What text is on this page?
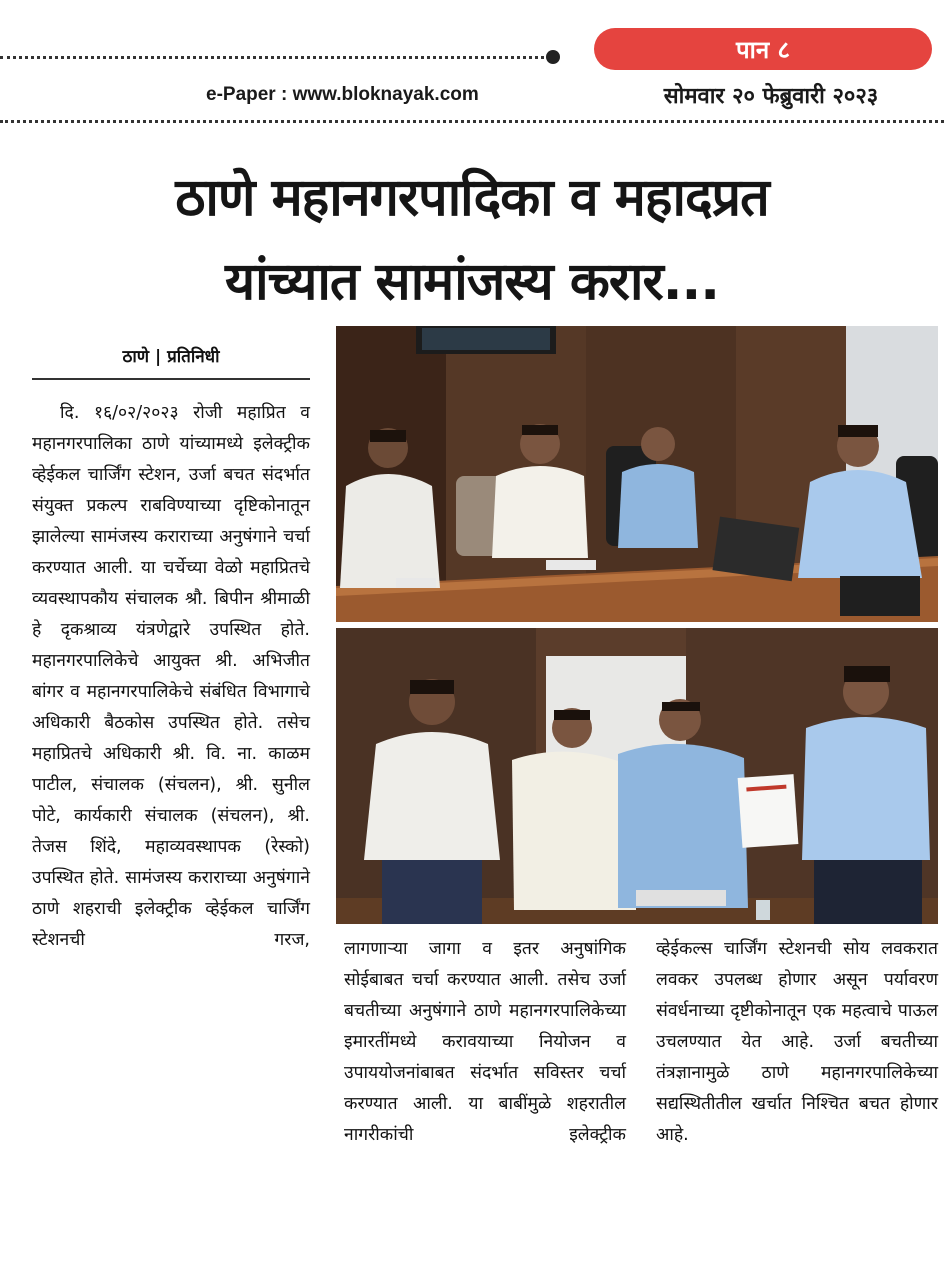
पान ८
e-Paper : www.bloknayak.com	सोमवार २० फेब्रुवारी २०२३
ठाणे महानगरपादिका व महादप्रत
यांच्यात सामांजस्य करार...
ठाणे | प्रतिनिधी
दि. १६/०२/२०२३ रोजी महाप्रित व महानगरपालिका ठाणे यांच्यामध्ये इलेक्ट्रीक व्हेईकल चार्जिंग स्टेशन, उर्जा बचत संदर्भात संयुक्त प्रकल्प राबविण्याच्या दृष्टिकोनातून झालेल्या सामंजस्य कराराच्या अनुषंगाने चर्चा करण्यात आली. या चर्चेच्या वेळो महाप्रितचे व्यवस्थापकौय संचालक श्रौ. बिपीन श्रीमाळी हे दृकश्राव्य यंत्रणेद्वारे उपस्थित होते. महानगरपालिकेचे आयुक्त श्री. अभिजीत बांगर व महानगरपालिकेचे संबंधित विभागाचे अधिकारी बैठकोस उपस्थित होते. तसेच महाप्रितचे अधिकारी श्री. वि. ना. काळम पाटील, संचालक (संचलन), श्री. सुनील पोटे, कार्यकारी संचालक (संचलन), श्री. तेजस शिंदे, महाव्यवस्थापक (रेस्को) उपस्थित होते. सामंजस्य कराराच्या अनुषंगाने ठाणे शहराची इलेक्ट्रीक व्हेईकल चार्जिंग स्टेशनची गरज, लागणाऱ्या जागा व इतर अनुषांगिक सोईबाबत चर्चा करण्यात आली. तसेच उर्जा बचतीच्या अनुषंगाने ठाणे महानगरपालिकेच्या इमारतींमध्ये करावयाच्या नियोजन व उपाययोजनांबाबत संदर्भात सविस्तर चर्चा करण्यात आली. या बाबींमुळे शहरातील नागरीकांची इलेक्ट्रीक
व्हेईकल्स चार्जिंग स्टेशनची सोय लवकरात लवकर उपलब्ध होणार असून पर्यावरण संवर्धनाच्या दृष्टीकोनातून एक महत्वाचे पाऊल उचलण्यात येत आहे. उर्जा बचतीच्या तंत्रज्ञानामुळे ठाणे महानगरपालिकेच्या सद्यस्थितीतील खर्चात निश्चित बचत होणार आहे.
